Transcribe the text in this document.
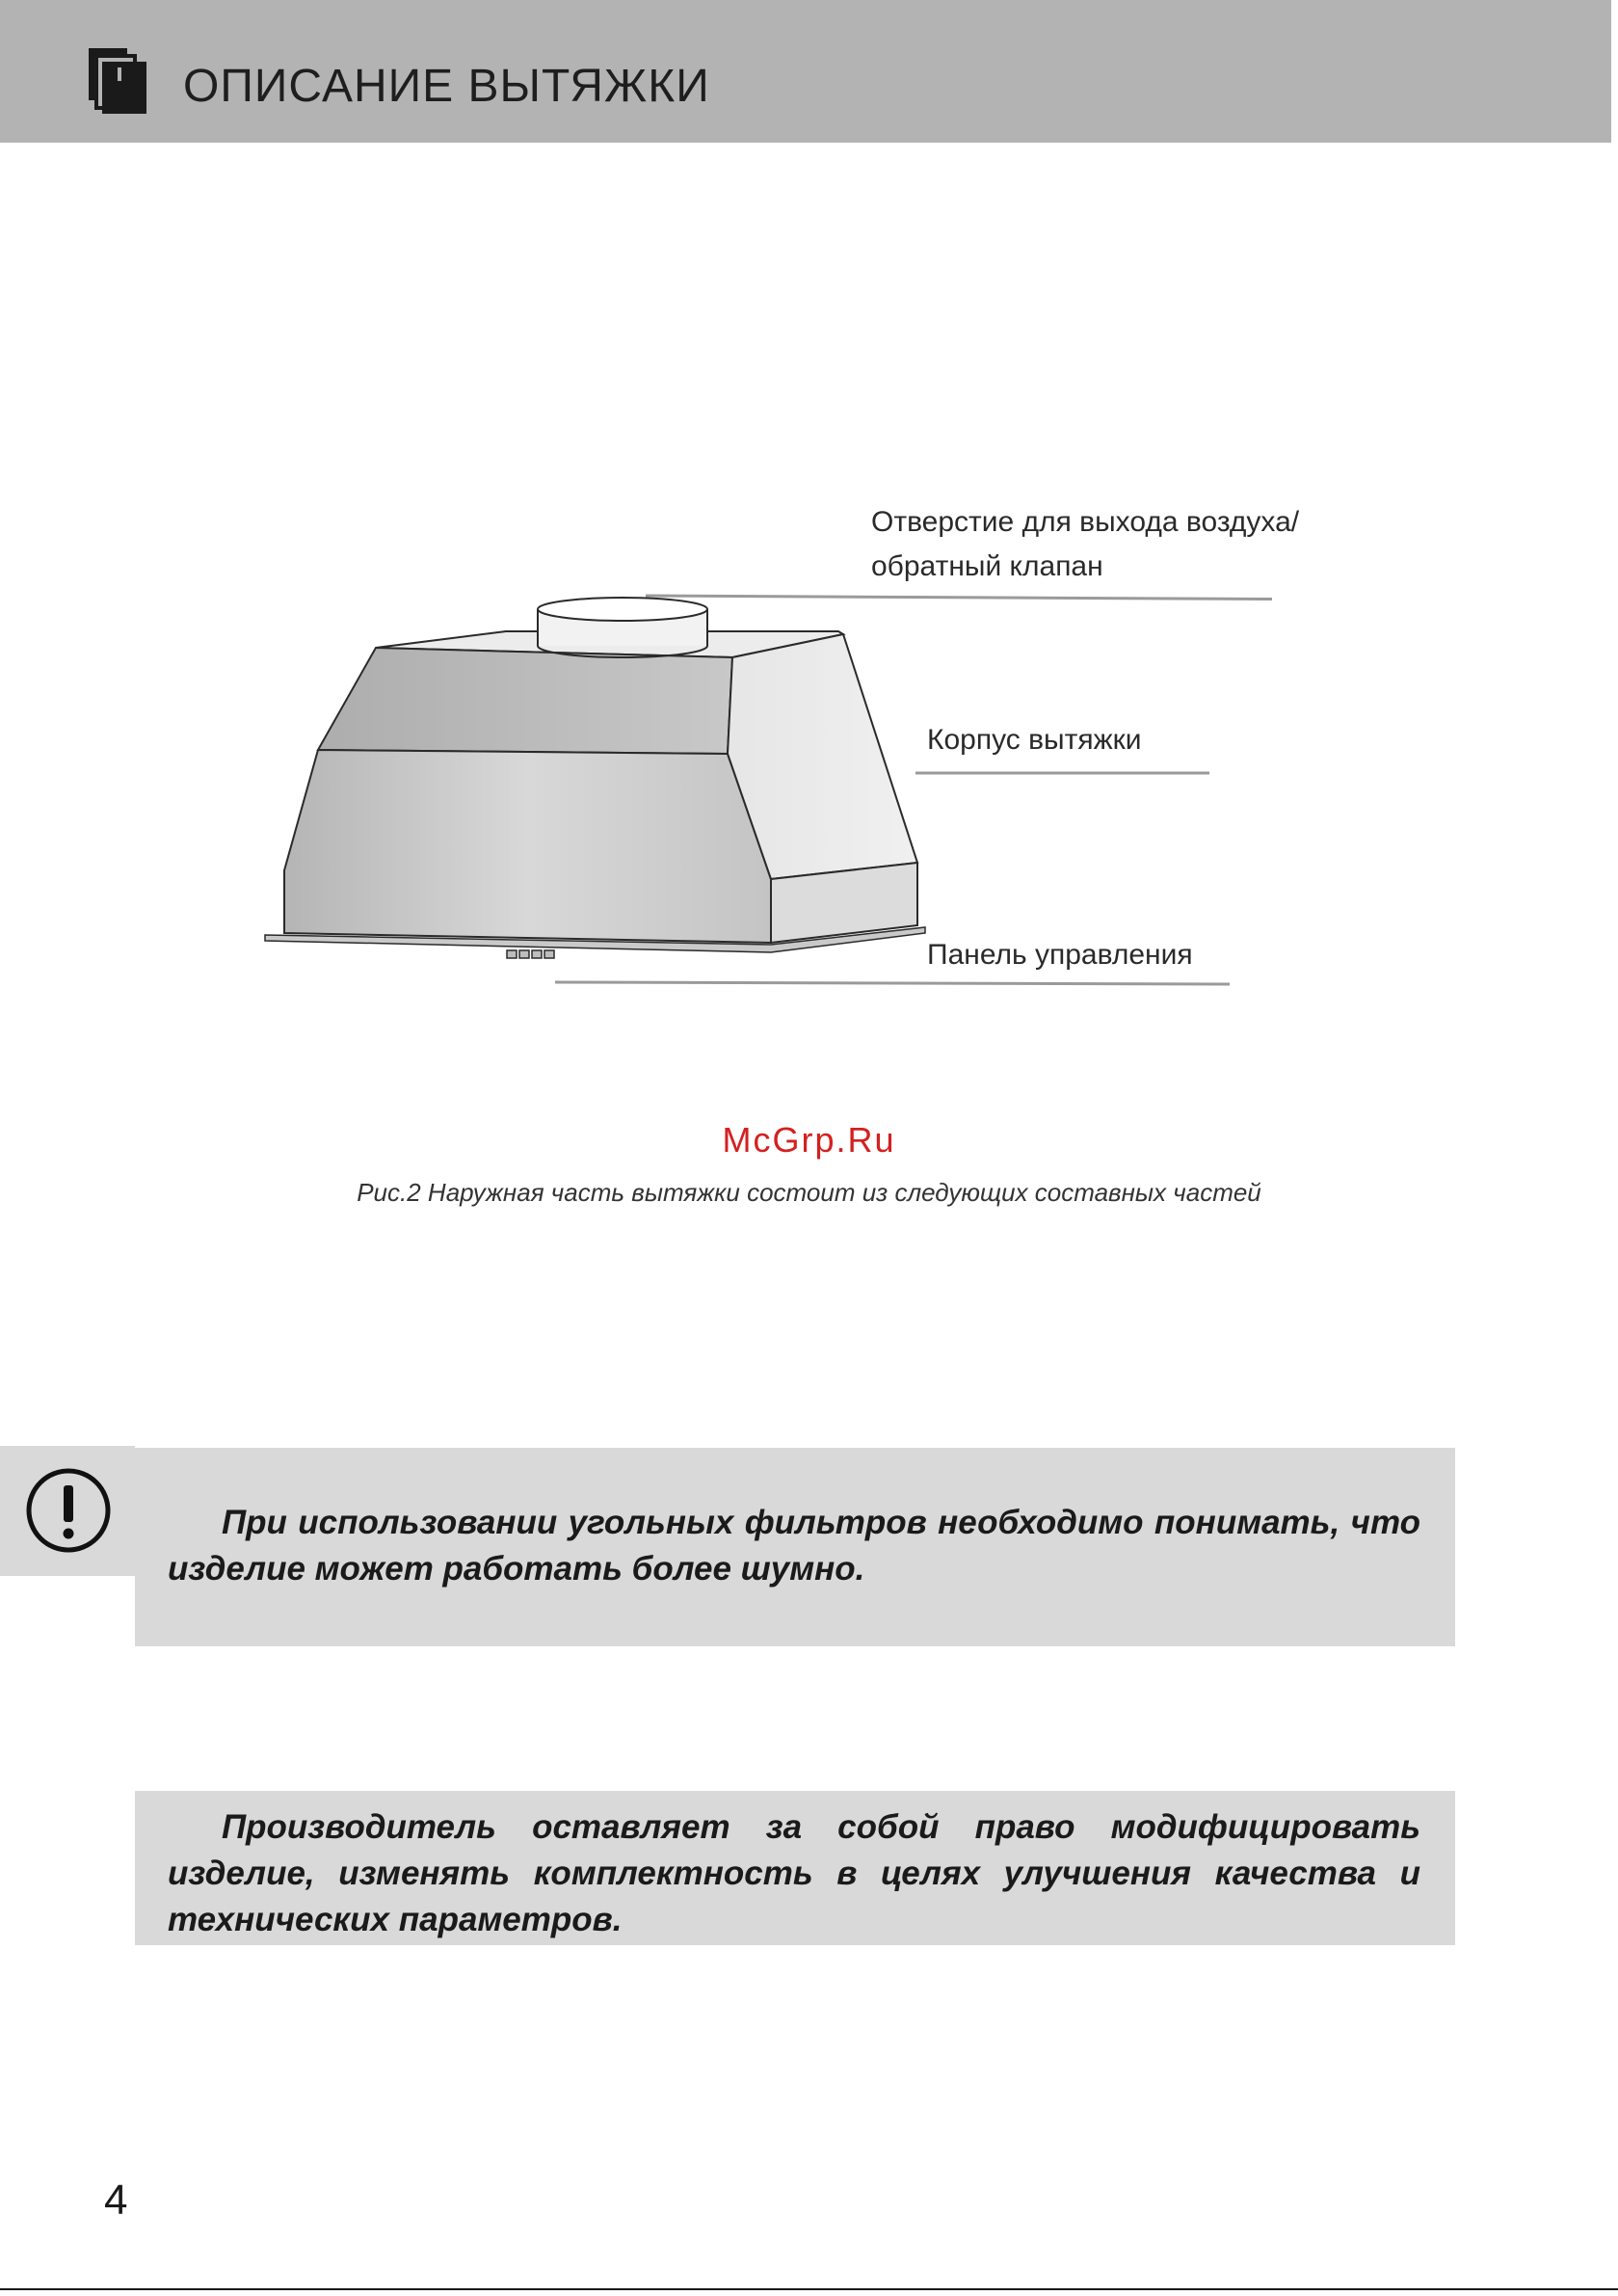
ОПИСАНИЕ ВЫТЯЖКИ
Отверстие для выхода воздуха/
обратный клапан
Корпус вытяжки
Панель управления
McGrp.Ru
Рис.2 Наружная часть вытяжки состоит из следующих составных частей
При использовании угольных фильтров необходимо понимать, что изделие может работать более шумно.
Производитель оставляет за собой право модифицировать изделие, изменять комплектность в целях улучшения качества и технических параметров.
4
